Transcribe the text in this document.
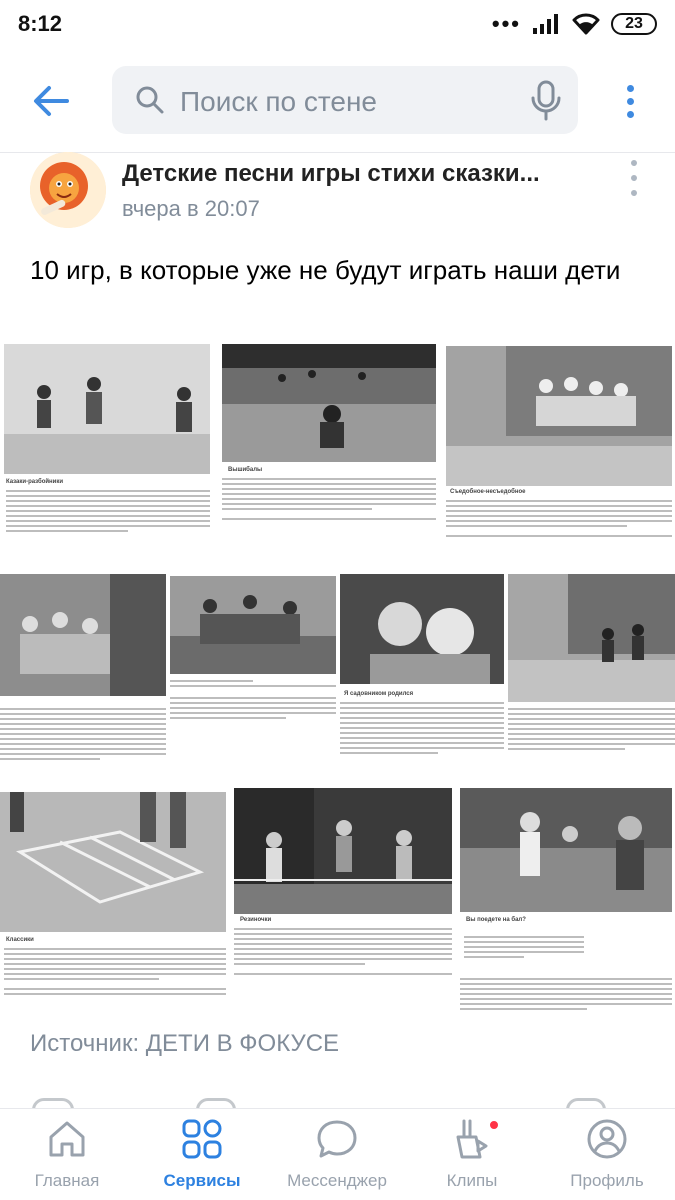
8:12	•••	23
Поиск по стене
Детские песни игры стихи сказки...
вчера в 20:07
10 игр, в которые уже не будут играть наши дети
Казаки-разбойники
Вышибалы
Съедобное-несъедобное
Я садовником родился
Классики
Резиночки	Вы поедете на бал?
Источник: ДЕТИ В ФОКУСЕ
Главная	Сервисы	Мессенджер	Клипы	Профиль
